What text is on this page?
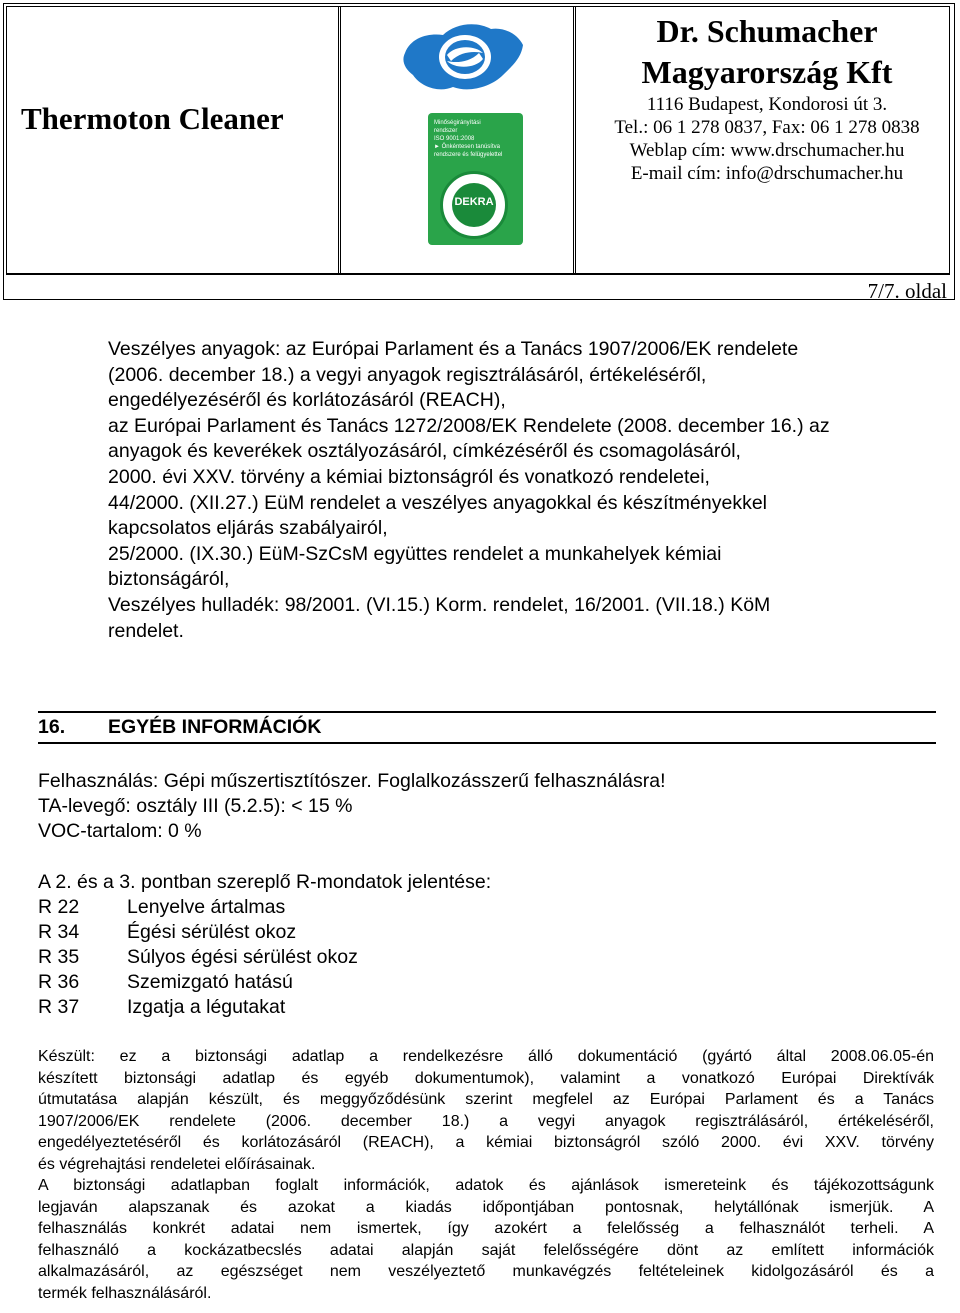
Thermoton Cleaner	Minőségirányítási
rendszer
ISO 9001:2008
► Önkéntesen tanúsítva
rendszere és felügyelettel
DEKRA
Dr. Schumacher
Magyarország Kft
1116 Budapest, Kondorosi út 3.
Tel.: 06 1 278 0837, Fax: 06 1 278 0838
Weblap cím: www.drschumacher.hu
E-mail cím: info@drschumacher.hu
7/7. oldal
Veszélyes anyagok: az Európai Parlament és a Tanács 1907/2006/EK rendelete
(2006. december 18.) a vegyi anyagok regisztrálásáról, értékeléséről,
engedélyezéséről és korlátozásáról (REACH),
az Európai Parlament és Tanács 1272/2008/EK Rendelete (2008. december 16.) az
anyagok és keverékek osztályozásáról, címkézéséről és csomagolásáról,
2000. évi XXV. törvény a kémiai biztonságról és vonatkozó rendeletei,
44/2000. (XII.27.) EüM rendelet a veszélyes anyagokkal és készítményekkel
kapcsolatos eljárás szabályairól,
25/2000. (IX.30.) EüM-SzCsM együttes rendelet a munkahelyek kémiai
biztonságáról,
Veszélyes hulladék: 98/2001. (VI.15.) Korm. rendelet, 16/2001. (VII.18.) KöM
rendelet.
16. EGYÉB INFORMÁCIÓK
Felhasználás: Gépi műszertisztítószer. Foglalkozásszerű felhasználásra!
TA-levegő: osztály III (5.2.5): < 15 %
VOC-tartalom: 0 %
A 2. és a 3. pontban szereplő R-mondatok jelentése:
R 22	Lenyelve ártalmas
R 34	Égési sérülést okoz
R 35	Súlyos égési sérülést okoz
R 36	Szemizgató hatású
R 37	Izgatja a légutakat
Készült: ez a biztonsági adatlap a rendelkezésre álló dokumentáció (gyártó által 2008.06.05-én
készített biztonsági adatlap és egyéb dokumentumok), valamint a vonatkozó Európai Direktívák
útmutatása alapján készült, és meggyőződésünk szerint megfelel az Európai Parlament és a Tanács
1907/2006/EK rendelete (2006. december 18.) a vegyi anyagok regisztrálásáról, értékeléséről,
engedélyeztetéséről és korlátozásáról (REACH), a kémiai biztonságról szóló 2000. évi XXV. törvény
és végrehajtási rendeletei előírásainak.
A biztonsági adatlapban foglalt információk, adatok és ajánlások ismereteink és tájékozottságunk
legjaván alapszanak és azokat a kiadás időpontjában pontosnak, helytállónak ismerjük. A
felhasználás konkrét adatai nem ismertek, így azokért a felelősség a felhasználót terheli. A
felhasználó a kockázatbecslés adatai alapján saját felelősségére dönt az említett információk
alkalmazásáról, az egészséget nem veszélyeztető munkavégzés feltételeinek kidolgozásáról és a
termék felhasználásáról.
